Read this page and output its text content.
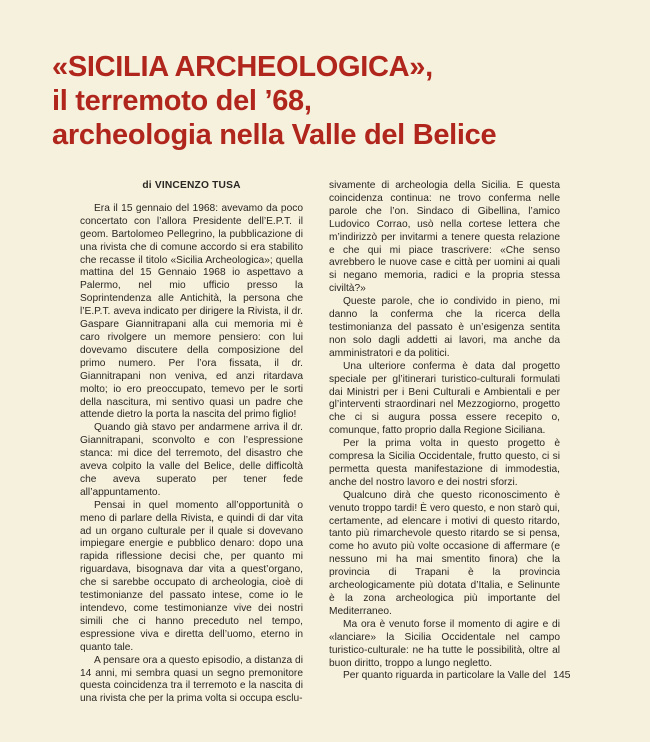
«SICILIA ARCHEOLOGICA»,
il terremoto del ’68,
archeologia nella Valle del Belice
di VINCENZO TUSA

Era il 15 gennaio del 1968: avevamo da poco concertato con l’allora Presidente dell’E.P.T. il geom. Bartolomeo Pellegrino, la pubblicazione di una rivista che di comune accordo si era stabilito che recasse il titolo «Sicilia Archeologica»; quella mattina del 15 Gennaio 1968 io aspettavo a Palermo, nel mio ufficio presso la Soprintendenza alle Antichità, la persona che l’E.P.T. aveva indicato per dirigere la Rivista, il dr. Gaspare Giannitrapani alla cui memoria mi è caro rivolgere un memore pensiero: con lui dovevamo discutere della composizione del primo numero. Per l’ora fissata, il dr. Giannitrapani non veniva, ed anzi ritardava molto; io ero preoccupato, temevo per le sorti della nascitura, mi sentivo quasi un padre che attende dietro la porta la nascita del primo figlio!

Quando già stavo per andarmene arriva il dr. Giannitrapani, sconvolto e con l’espressione stanca: mi dice del terremoto, del disastro che aveva colpito la valle del Belice, delle difficoltà che aveva superato per tener fede all’appuntamento.

Pensai in quel momento all’opportunità o meno di parlare della Rivista, e quindi di dar vita ad un organo culturale per il quale si dovevano impiegare energie e pubblico denaro: dopo una rapida riflessione decisi che, per quanto mi riguardava, bisognava dar vita a quest’organo, che si sarebbe occupato di archeologia, cioè di testimonianze del passato intese, come io le intendevo, come testimonianze vive dei nostri simili che ci hanno preceduto nel tempo, espressione viva e diretta dell’uomo, eterno in quanto tale.

A pensare ora a questo episodio, a distanza di 14 anni, mi sembra quasi un segno premonitore questa coincidenza tra il terremoto e la nascita di una rivista che per la prima volta si occupa esclu-

sivamente di archeologia della Sicilia. E questa coincidenza continua: ne trovo conferma nelle parole che l’on. Sindaco di Gibellina, l’amico Ludovico Corrao, usò nella cortese lettera che m’indirizzò per invitarmi a tenere questa relazione e che qui mi piace trascrivere: «Che senso avrebbero le nuove case e città per uomini ai quali si negano memoria, radici e la propria stessa civiltà?»

Queste parole, che io condivido in pieno, mi danno la conferma che la ricerca della testimonianza del passato è un’esigenza sentita non solo dagli addetti ai lavori, ma anche da amministratori e da politici.

Una ulteriore conferma è data dal progetto speciale per gl’itinerari turistico-culturali formulati dai Ministri per i Beni Culturali e Ambientali e per gl’interventi straordinari nel Mezzogiorno, progetto che ci si augura possa essere recepito o, comunque, fatto proprio dalla Regione Siciliana.

Per la prima volta in questo progetto è compresa la Sicilia Occidentale, frutto questo, ci si permetta questa manifestazione di immodestia, anche del nostro lavoro e dei nostri sforzi.

Qualcuno dirà che questo riconoscimento è venuto troppo tardi! È vero questo, e non starò qui, certamente, ad elencare i motivi di questo ritardo, tanto più rimarchevole questo ritardo se si pensa, come ho avuto più volte occasione di affermare (e nessuno mi ha mai smentito finora) che la provincia di Trapani è la provincia archeologicamente più dotata d’Italia, e Selinunte è la zona archeologica più importante del Mediterraneo.

Ma ora è venuto forse il momento di agire e di «lanciare» la Sicilia Occidentale nel campo turistico-culturale: ne ha tutte le possibilità, oltre al buon diritto, troppo a lungo negletto.

Per quanto riguarda in particolare la Valle del 145
